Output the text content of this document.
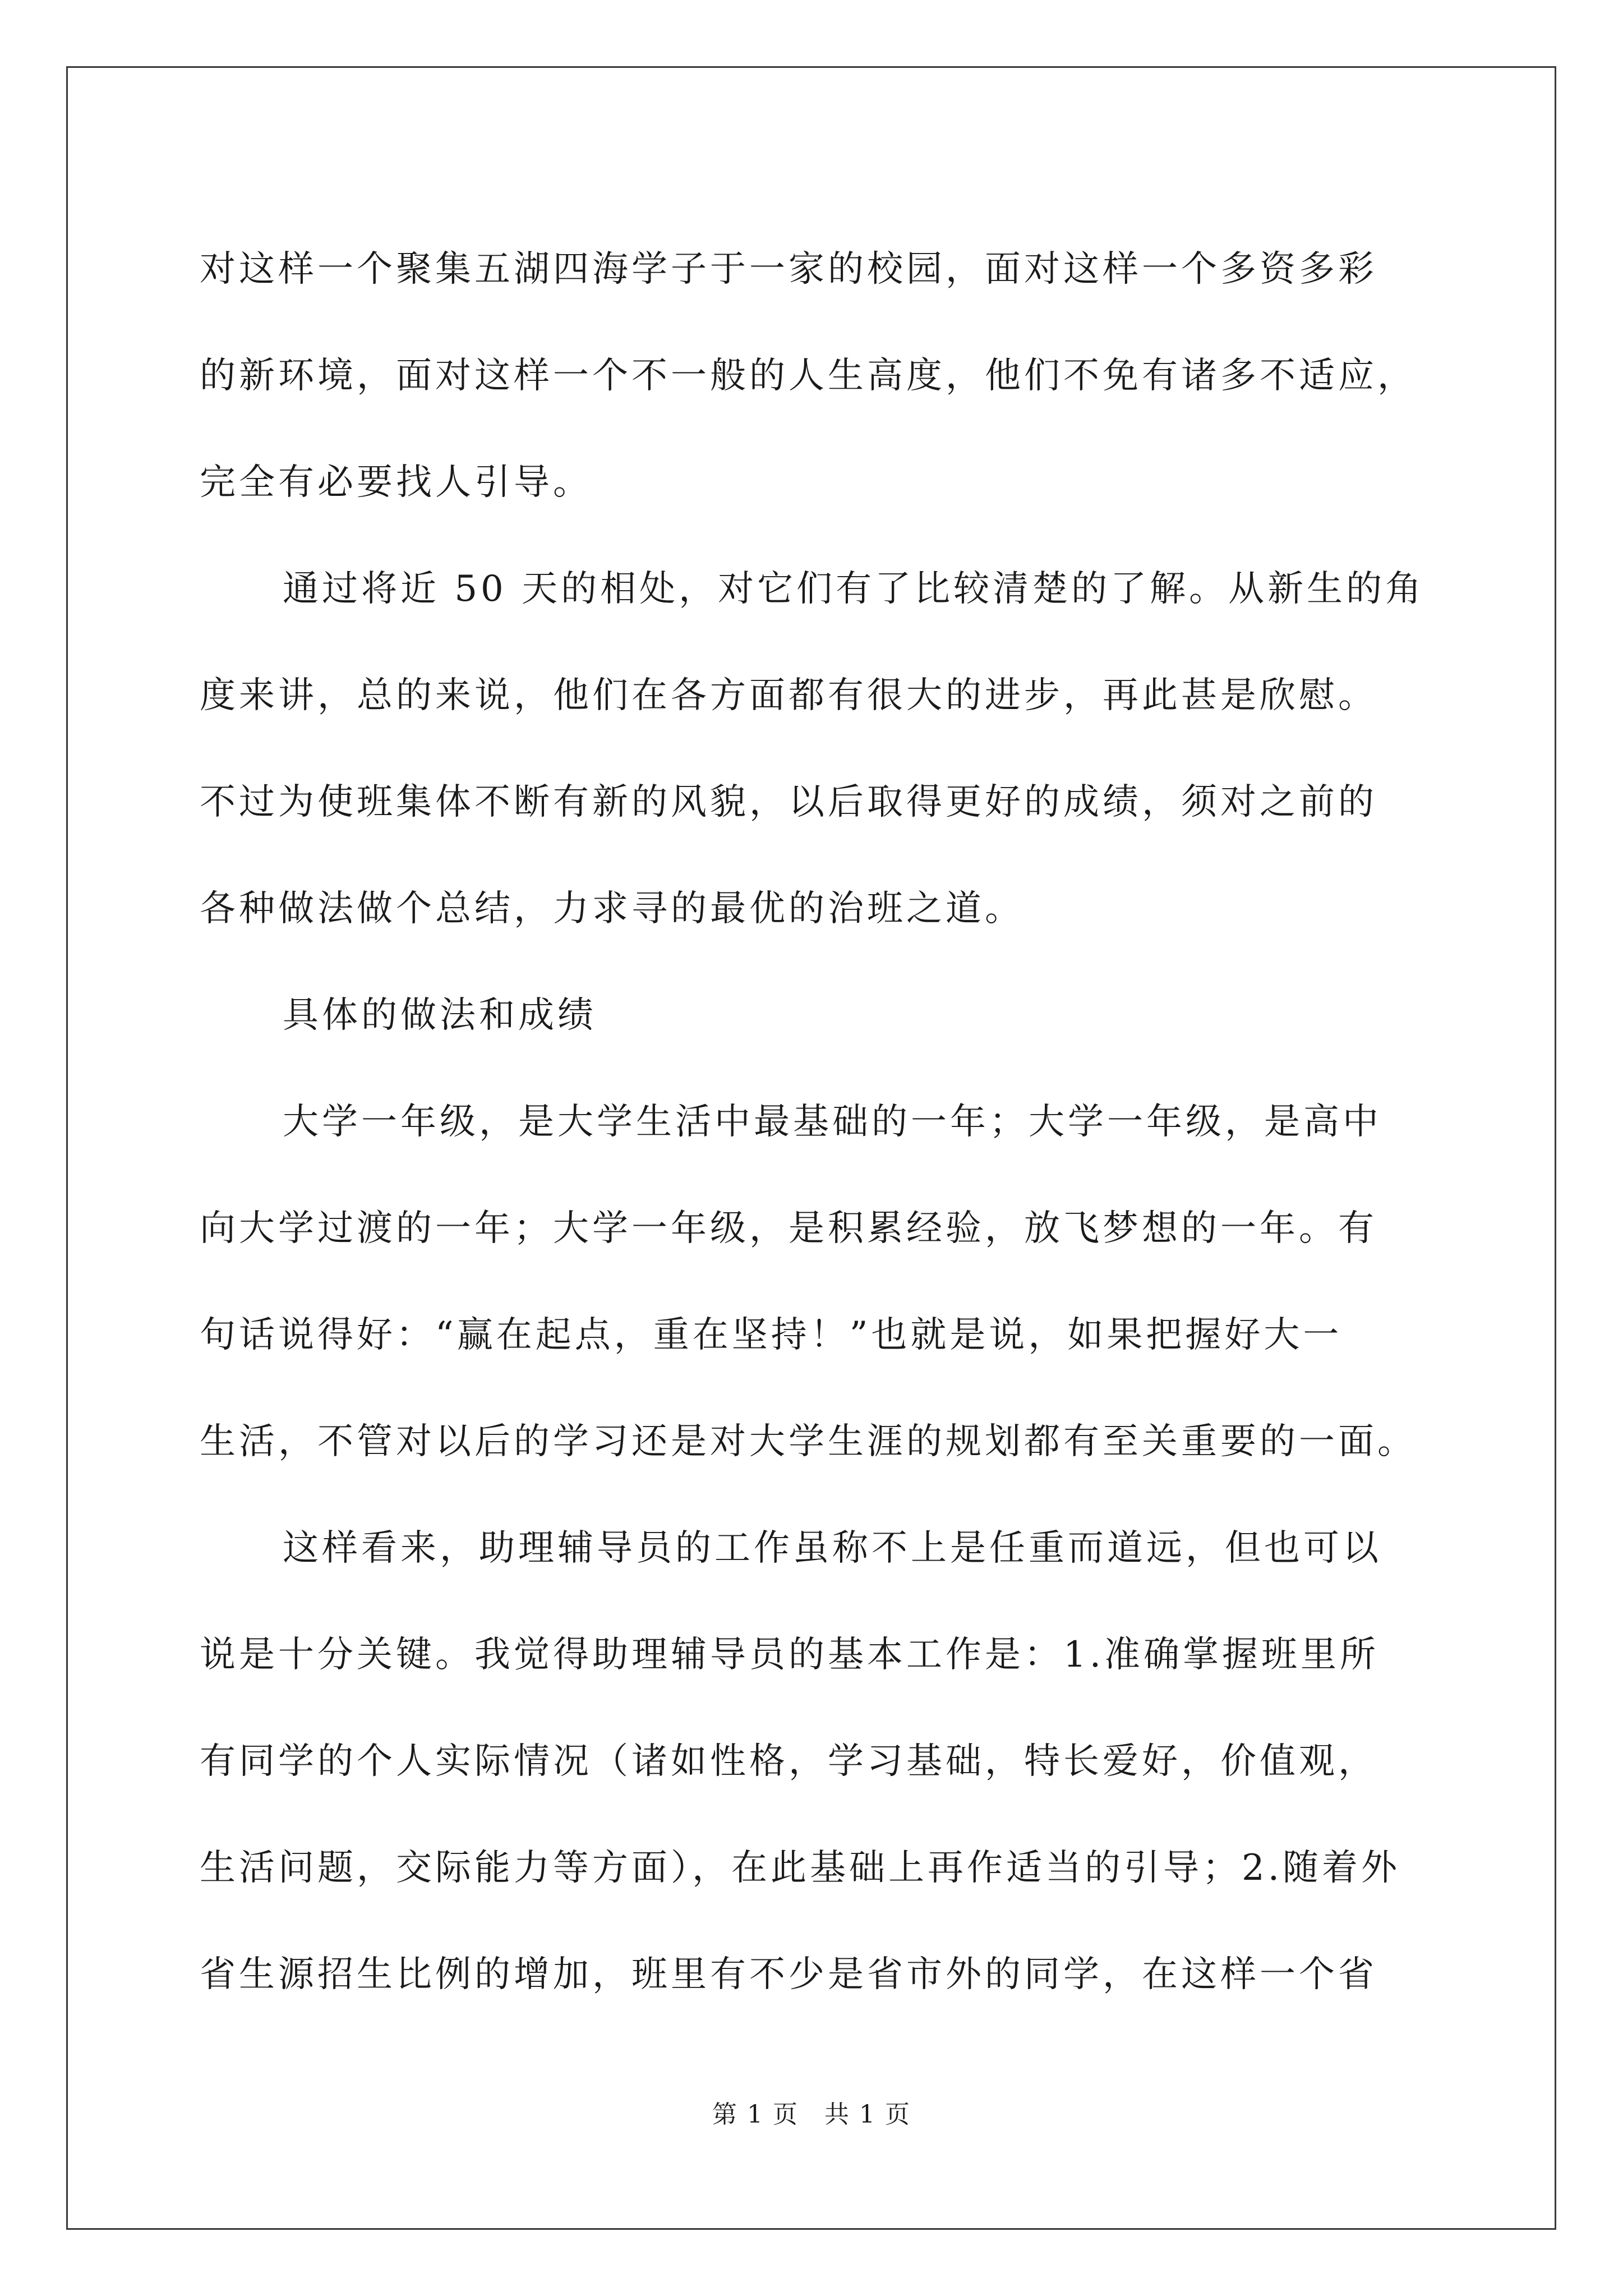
对这样一个聚集五湖四海学子于一家的校园，面对这样一个多资多彩
的新环境，面对这样一个不一般的人生高度，他们不免有诸多不适应，
完全有必要找人引导。
通过将近 50 天的相处，对它们有了比较清楚的了解。从新生的角
度来讲，总的来说，他们在各方面都有很大的进步，再此甚是欣慰。
不过为使班集体不断有新的风貌，以后取得更好的成绩，须对之前的
各种做法做个总结，力求寻的最优的治班之道。
具体的做法和成绩
大学一年级，是大学生活中最基础的一年；大学一年级，是高中
向大学过渡的一年；大学一年级，是积累经验，放飞梦想的一年。有
句话说得好：“赢在起点，重在坚持！”也就是说，如果把握好大一
生活，不管对以后的学习还是对大学生涯的规划都有至关重要的一面。
这样看来，助理辅导员的工作虽称不上是任重而道远，但也可以
说是十分关键。我觉得助理辅导员的基本工作是：1.准确掌握班里所
有同学的个人实际情况（诸如性格，学习基础，特长爱好，价值观，
生活问题，交际能力等方面），在此基础上再作适当的引导；2.随着外
省生源招生比例的增加，班里有不少是省市外的同学，在这样一个省
第 1 页　共 1 页
